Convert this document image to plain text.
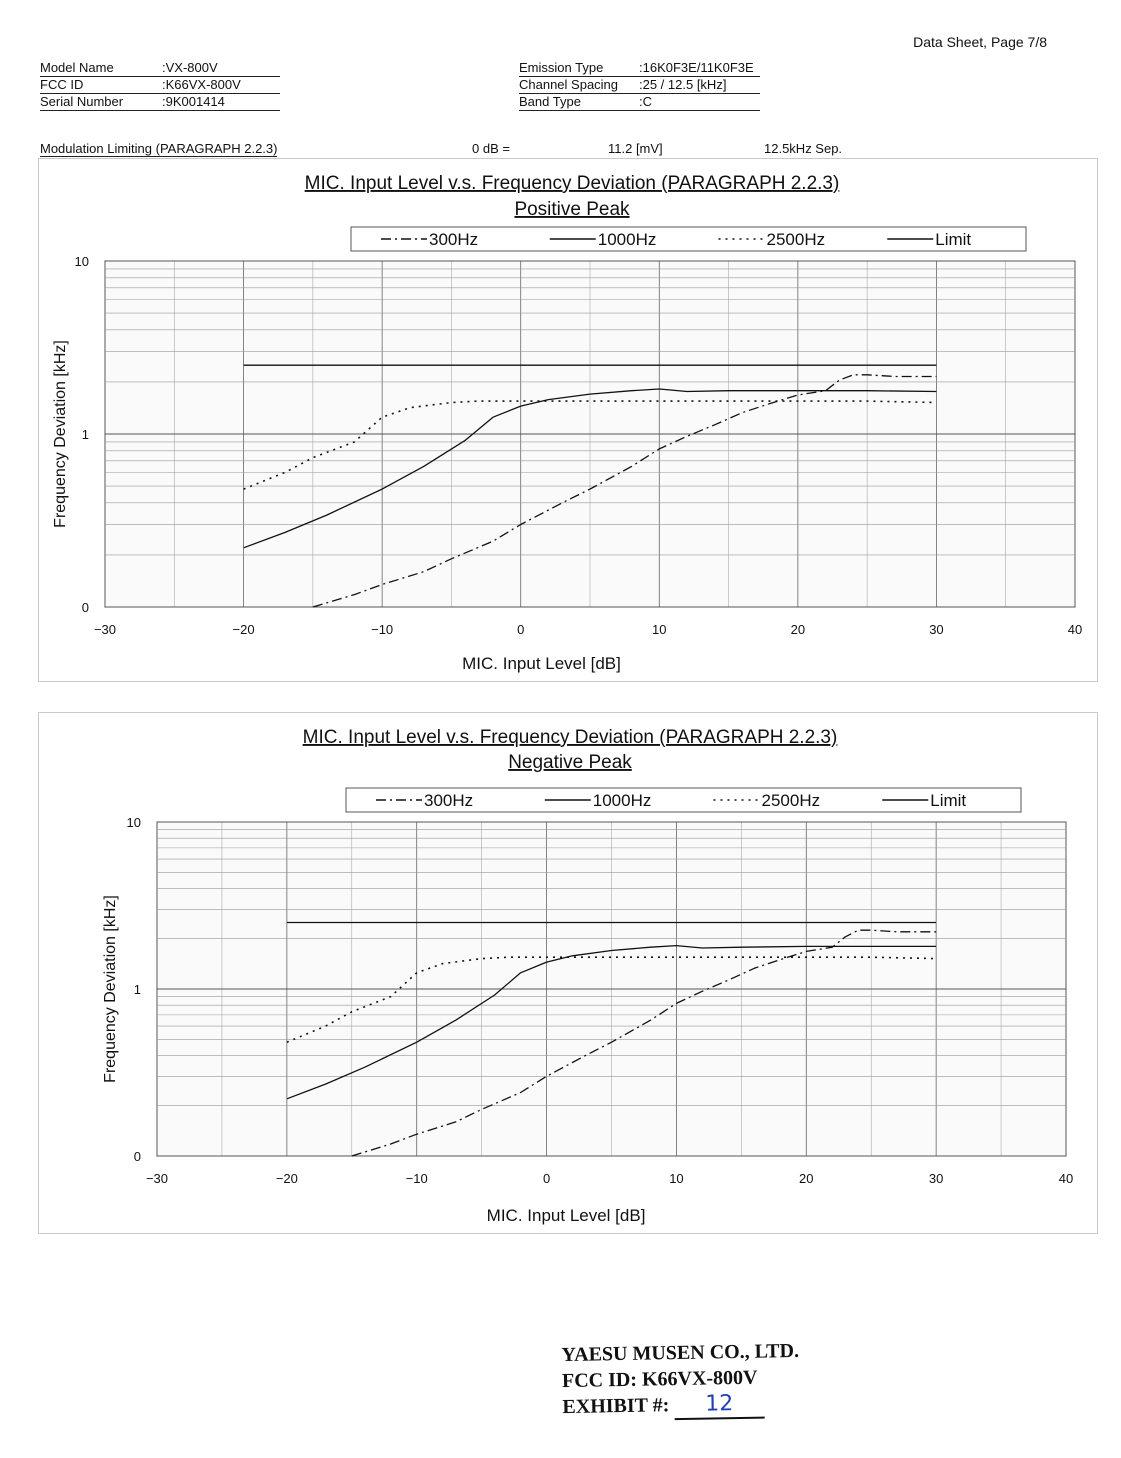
Data Sheet, Page 7/8
Model Name	:VX-800V
FCC ID	:K66VX-800V
Serial Number	:9K001414
Emission Type	:16K0F3E/11K0F3E
Channel Spacing	:25 / 12.5 [kHz]
Band Type	:C
Modulation Limiting (PARAGRAPH 2.2.3)	0 dB =	11.2 [mV]	12.5kHz Sep.
MIC. Input Level v.s. Frequency Deviation (PARAGRAPH 2.2.3)
Positive Peak
300Hz	1000Hz	2500Hz	Limit
−30	−20	−10	0	10	20	30	40
10
1
0
MIC. Input Level [dB]
Frequency Deviation [kHz]
MIC. Input Level v.s. Frequency Deviation (PARAGRAPH 2.2.3)
Negative Peak
300Hz	1000Hz	2500Hz	Limit
−30	−20	−10	0	10	20	30	40
10
1
0
MIC. Input Level [dB]
Frequency Deviation [kHz]
YAESU MUSEN CO., LTD.
FCC ID: K66VX-800V
EXHIBIT #: 12
